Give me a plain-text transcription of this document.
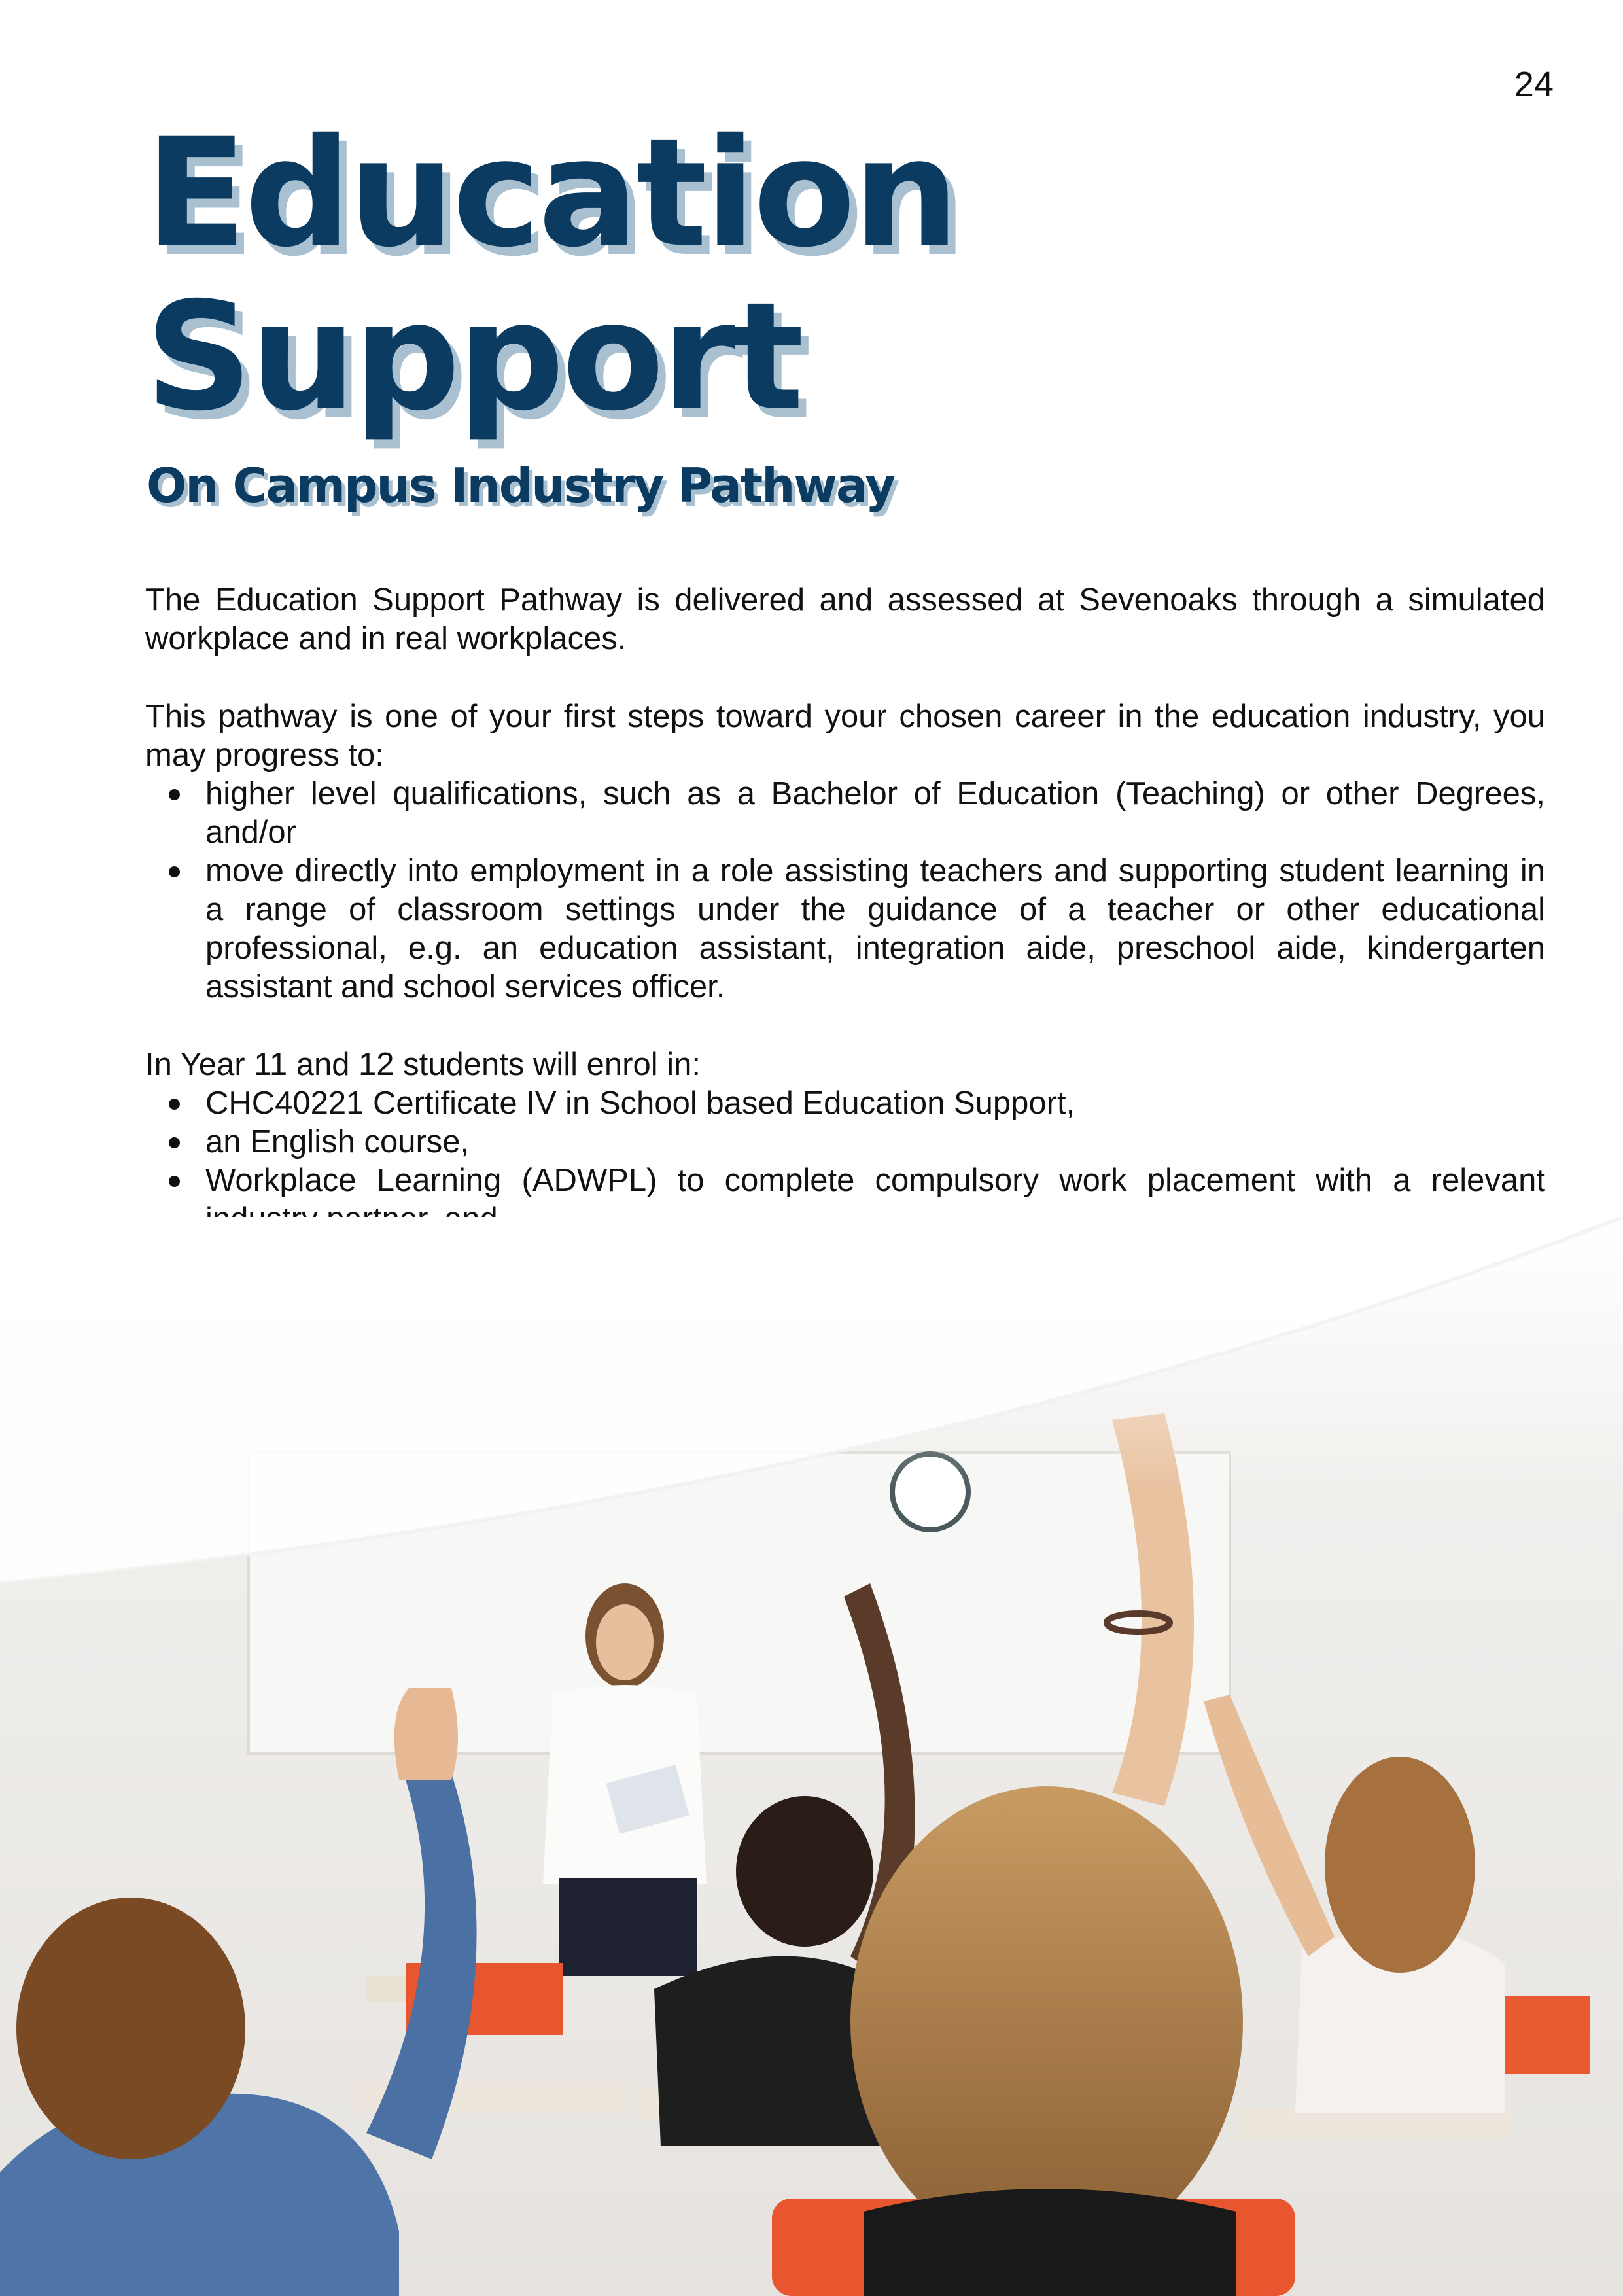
24
Education
Support
On Campus Industry Pathway

The Education Support Pathway is delivered and assessed at Sevenoaks through a simulated workplace and in real workplaces.

This pathway is one of your first steps toward your chosen career in the education industry, you may progress to:

higher level qualifications, such as a Bachelor of Education (Teaching) or other Degrees, and/or
move directly into employment in a role assisting teachers and supporting student learning in a range of classroom settings under the guidance of a teacher or other educational professional, e.g. an education assistant, integration aide, preschool aide, kindergarten assistant and school services officer.

In Year 11 and 12 students will enrol in:

CHC40221 Certificate IV in School based Education Support,
an English course,
Workplace Learning (ADWPL) to complete compulsory work placement with a relevant
